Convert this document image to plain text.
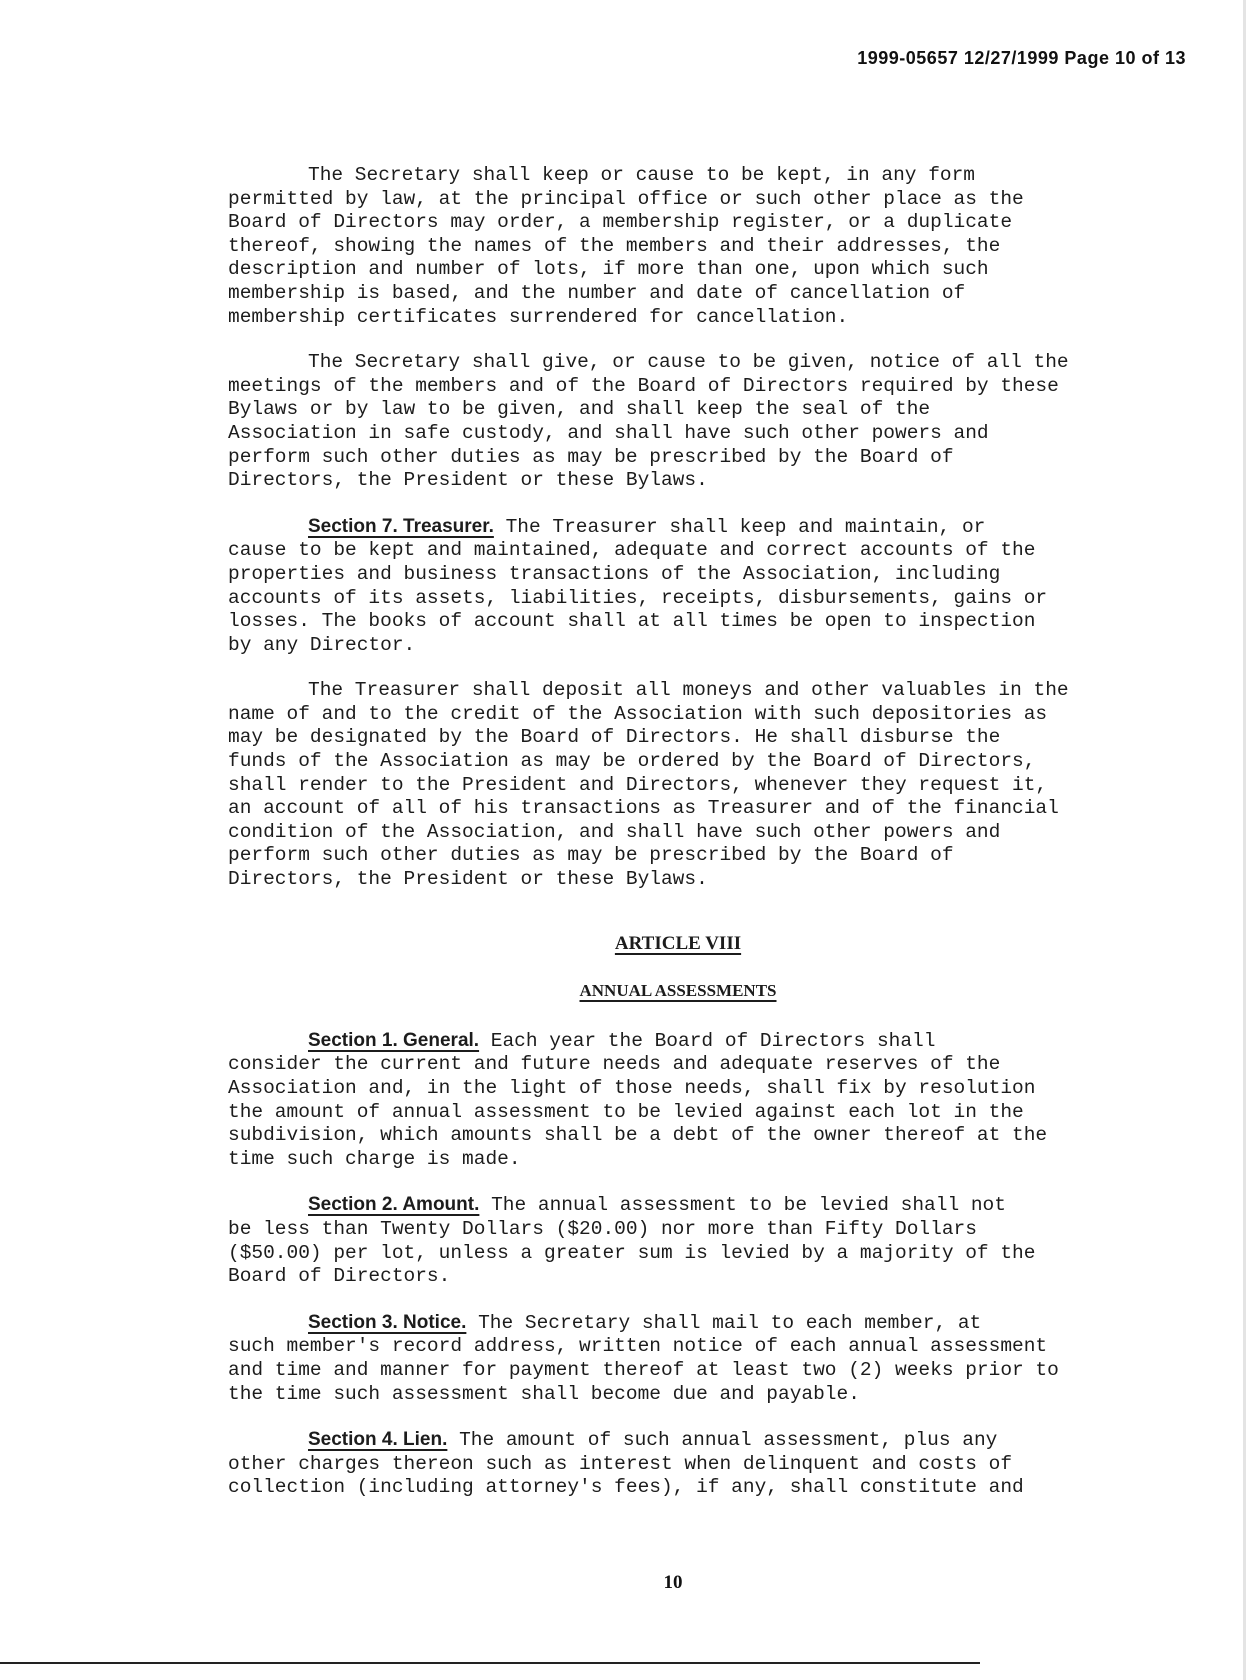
1999-05657 12/27/1999 Page 10 of 13

The Secretary shall keep or cause to be kept, in any form
permitted by law, at the principal office or such other place as the
Board of Directors may order, a membership register, or a duplicate
thereof, showing the names of the members and their addresses, the
description and number of lots, if more than one, upon which such
membership is based, and the number and date of cancellation of
membership certificates surrendered for cancellation.

The Secretary shall give, or cause to be given, notice of all the
meetings of the members and of the Board of Directors required by these
Bylaws or by law to be given, and shall keep the seal of the
Association in safe custody, and shall have such other powers and
perform such other duties as may be prescribed by the Board of
Directors, the President or these Bylaws.

Section 7. Treasurer. The Treasurer shall keep and maintain, or
cause to be kept and maintained, adequate and correct accounts of the
properties and business transactions of the Association, including
accounts of its assets, liabilities, receipts, disbursements, gains or
losses. The books of account shall at all times be open to inspection
by any Director.

The Treasurer shall deposit all moneys and other valuables in the
name of and to the credit of the Association with such depositories as
may be designated by the Board of Directors. He shall disburse the
funds of the Association as may be ordered by the Board of Directors,
shall render to the President and Directors, whenever they request it,
an account of all of his transactions as Treasurer and of the financial
condition of the Association, and shall have such other powers and
perform such other duties as may be prescribed by the Board of
Directors, the President or these Bylaws.

ARTICLE VIII
ANNUAL ASSESSMENTS

Section 1. General. Each year the Board of Directors shall
consider the current and future needs and adequate reserves of the
Association and, in the light of those needs, shall fix by resolution
the amount of annual assessment to be levied against each lot in the
subdivision, which amounts shall be a debt of the owner thereof at the
time such charge is made.

Section 2. Amount. The annual assessment to be levied shall not
be less than Twenty Dollars ($20.00) nor more than Fifty Dollars
($50.00) per lot, unless a greater sum is levied by a majority of the
Board of Directors.

Section 3. Notice. The Secretary shall mail to each member, at
such member's record address, written notice of each annual assessment
and time and manner for payment thereof at least two (2) weeks prior to
the time such assessment shall become due and payable.

Section 4. Lien. The amount of such annual assessment, plus any
other charges thereon such as interest when delinquent and costs of
collection (including attorney's fees), if any, shall constitute and

10
